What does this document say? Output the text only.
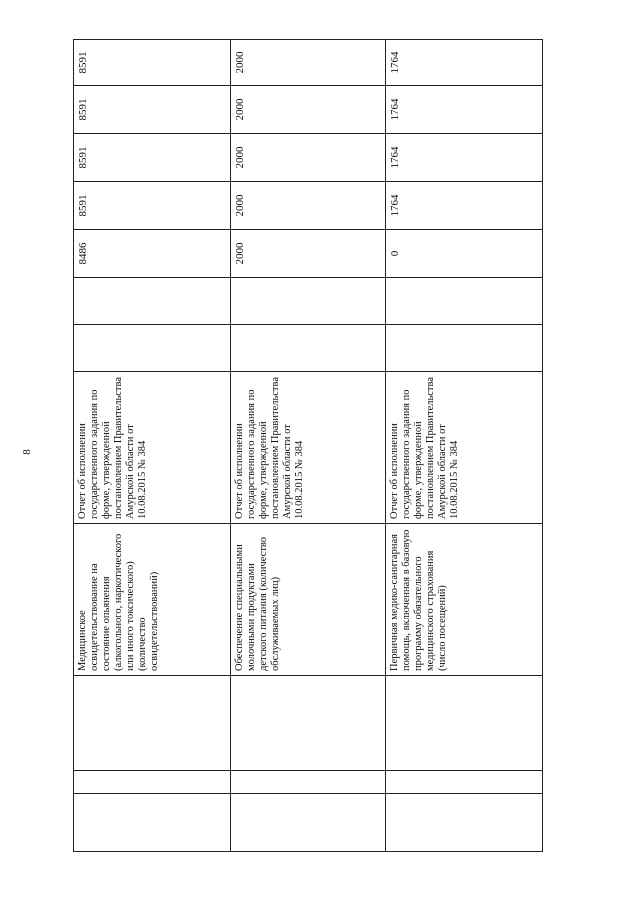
8
			Медицинское освидетельствование на состояние опьянения (алкогольного, наркотического или иного токсического) (количество освидетельствований)	Отчет об исполнении государственного задания по форме, утвержденной постановлением Правительства Амурской области от 10.08.2015 № 384			8486	8591	8591	8591	8591
			Обеспечение специальными молочными продуктами детского питания (количество обслуживаемых лиц)	Отчет об исполнении государственного задания по форме, утвержденной постановлением Правительства Амурской области от 10.08.2015 № 384			2000	2000	2000	2000	2000
			Первичная медико-санитарная помощь, включенная в базовую программу обязательного медицинского страхования (число посещений)	Отчет об исполнении государственного задания по форме, утвержденной постановлением Правительства Амурской области от 10.08.2015 № 384			0	1764	1764	1764	1764
